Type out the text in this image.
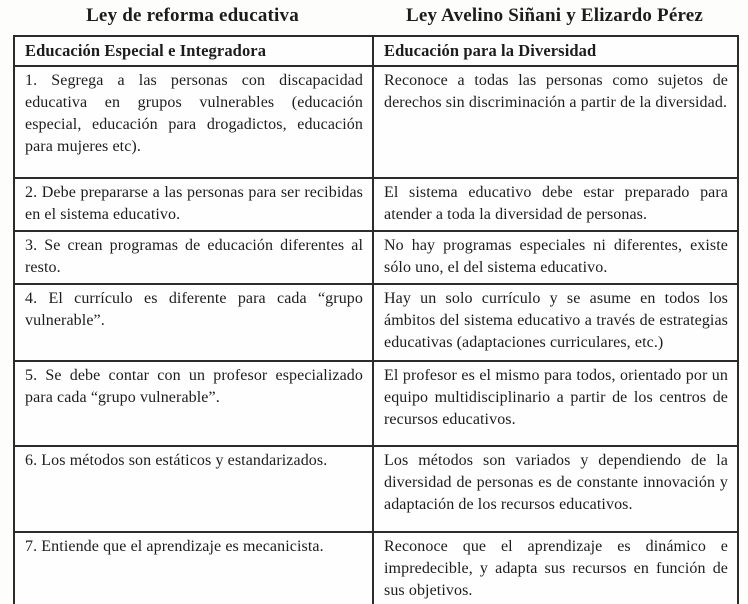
Ley de reforma educativa	Ley Avelino Siñani y Elizardo Pérez
Educación Especial e Integradora	Educación para la Diversidad
1. Segrega a las personas con discapacidad educativa en grupos vulnerables (educación especial, educación para drogadictos, educación para mujeres etc).	Reconoce a todas las personas como sujetos de derechos sin discriminación a partir de la diversidad.
2. Debe prepararse a las personas para ser recibidas en el sistema educativo.	El sistema educativo debe estar preparado para atender a toda la diversidad de personas.
3. Se crean programas de educación diferentes al resto.	No hay programas especiales ni diferentes, existe sólo uno, el del sistema educativo.
4. El currículo es diferente para cada “grupo vulnerable”.	Hay un solo currículo y se asume en todos los ámbitos del sistema educativo a través de estrategias educativas (adaptaciones curriculares, etc.)
5. Se debe contar con un profesor especializado para cada “grupo vulnerable”.	El profesor es el mismo para todos, orientado por un equipo multidisciplinario a partir de los centros de recursos educativos.
6. Los métodos son estáticos y estandarizados.	Los métodos son variados y dependiendo de la diversidad de personas es de constante innovación y adaptación de los recursos educativos.
7. Entiende que el aprendizaje es mecanicista.	Reconoce que el aprendizaje es dinámico e impredecible, y adapta sus recursos en función de sus objetivos.
